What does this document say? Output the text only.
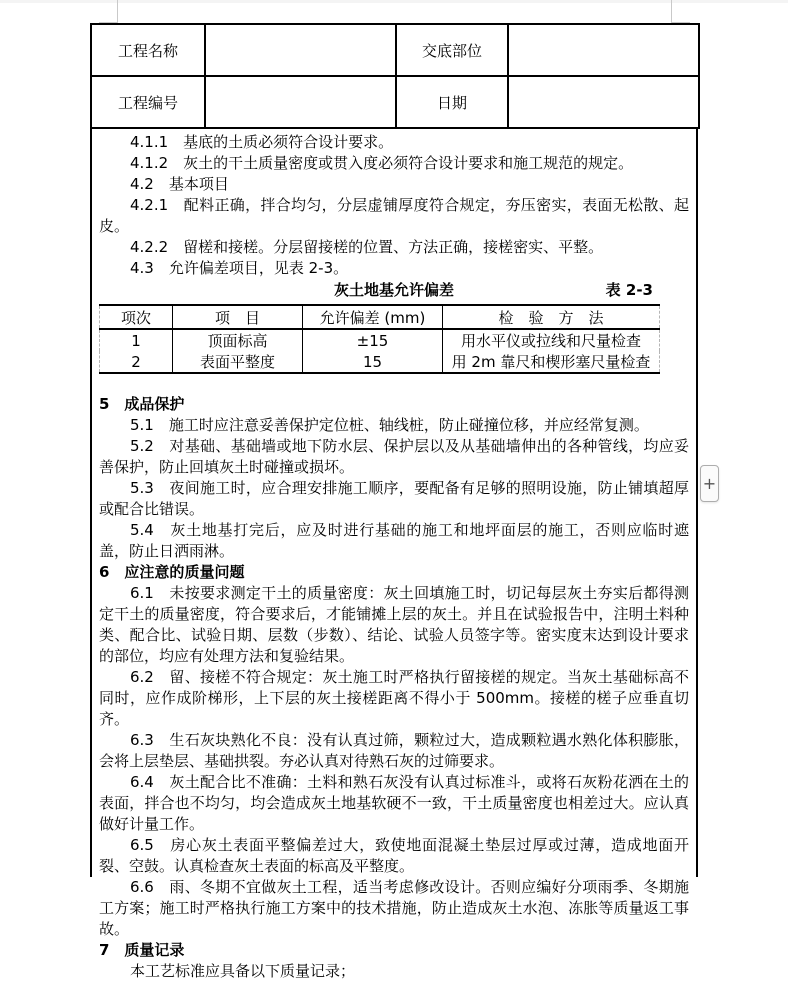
工程名称		交底部位	
工程编号		日期	

4.1.1　基底的土质必须符合设计要求。

4.1.2　灰土的干土质量密度或贯入度必须符合设计要求和施工规范的规定。

4.2　基本项目

4.2.1　配料正确，拌合均匀，分层虚铺厚度符合规定，夯压密实，表面无松散、起皮。

4.2.2　留槎和接槎。分层留接槎的位置、方法正确，接槎密实、平整。

4.3　允许偏差项目，见表 2-3。

灰土地基允许偏差	表 2-3
项次	项　目	允许偏差 (mm)	检　验　方　法
1	顶面标高	±15	用水平仪或拉线和尺量检查
2	表面平整度	15	用 2m 靠尺和楔形塞尺量检查

5　成品保护

5.1　施工时应注意妥善保护定位桩、轴线桩，防止碰撞位移，并应经常复测。

5.2　对基础、基础墙或地下防水层、保护层以及从基础墙伸出的各种管线，均应妥善保护，防止回填灰土时碰撞或损坏。

5.3　夜间施工时，应合理安排施工顺序，要配备有足够的照明设施，防止铺填超厚或配合比错误。

5.4　灰土地基打完后，应及时进行基础的施工和地坪面层的施工，否则应临时遮盖，防止日洒雨淋。

6　应注意的质量问题

6.1　未按要求测定干土的质量密度：灰土回填施工时，切记每层灰土夯实后都得测定干土的质量密度，符合要求后，才能铺摊上层的灰土。并且在试验报告中，注明土料种类、配合比、试验日期、层数（步数）、结论、试验人员签字等。密实度末达到设计要求的部位，均应有处理方法和复验结果。

6.2　留、接槎不符合规定：灰土施工时严格执行留接槎的规定。当灰土基础标高不同时，应作成阶梯形，上下层的灰土接槎距离不得小于 500mm。接槎的槎子应垂直切齐。

6.3　生石灰块熟化不良：没有认真过筛，颗粒过大，造成颗粒遇水熟化体积膨胀，会将上层垫层、基础拱裂。夯必认真对待熟石灰的过筛要求。

6.4　灰土配合比不准确：土料和熟石灰没有认真过标准斗，或将石灰粉花洒在土的表面，拌合也不均匀，均会造成灰土地基软硬不一致，干土质量密度也相差过大。应认真做好计量工作。

6.5　房心灰土表面平整偏差过大，致使地面混凝土垫层过厚或过薄，造成地面开裂、空鼓。认真检查灰土表面的标高及平整度。

6.6　雨、冬期不宜做灰土工程，适当考虑修改设计。否则应编好分项雨季、冬期施工方案；施工时严格执行施工方案中的技术措施，防止造成灰土水泡、冻胀等质量返工事故。

7　质量记录

本工艺标准应具备以下质量记录；

+
